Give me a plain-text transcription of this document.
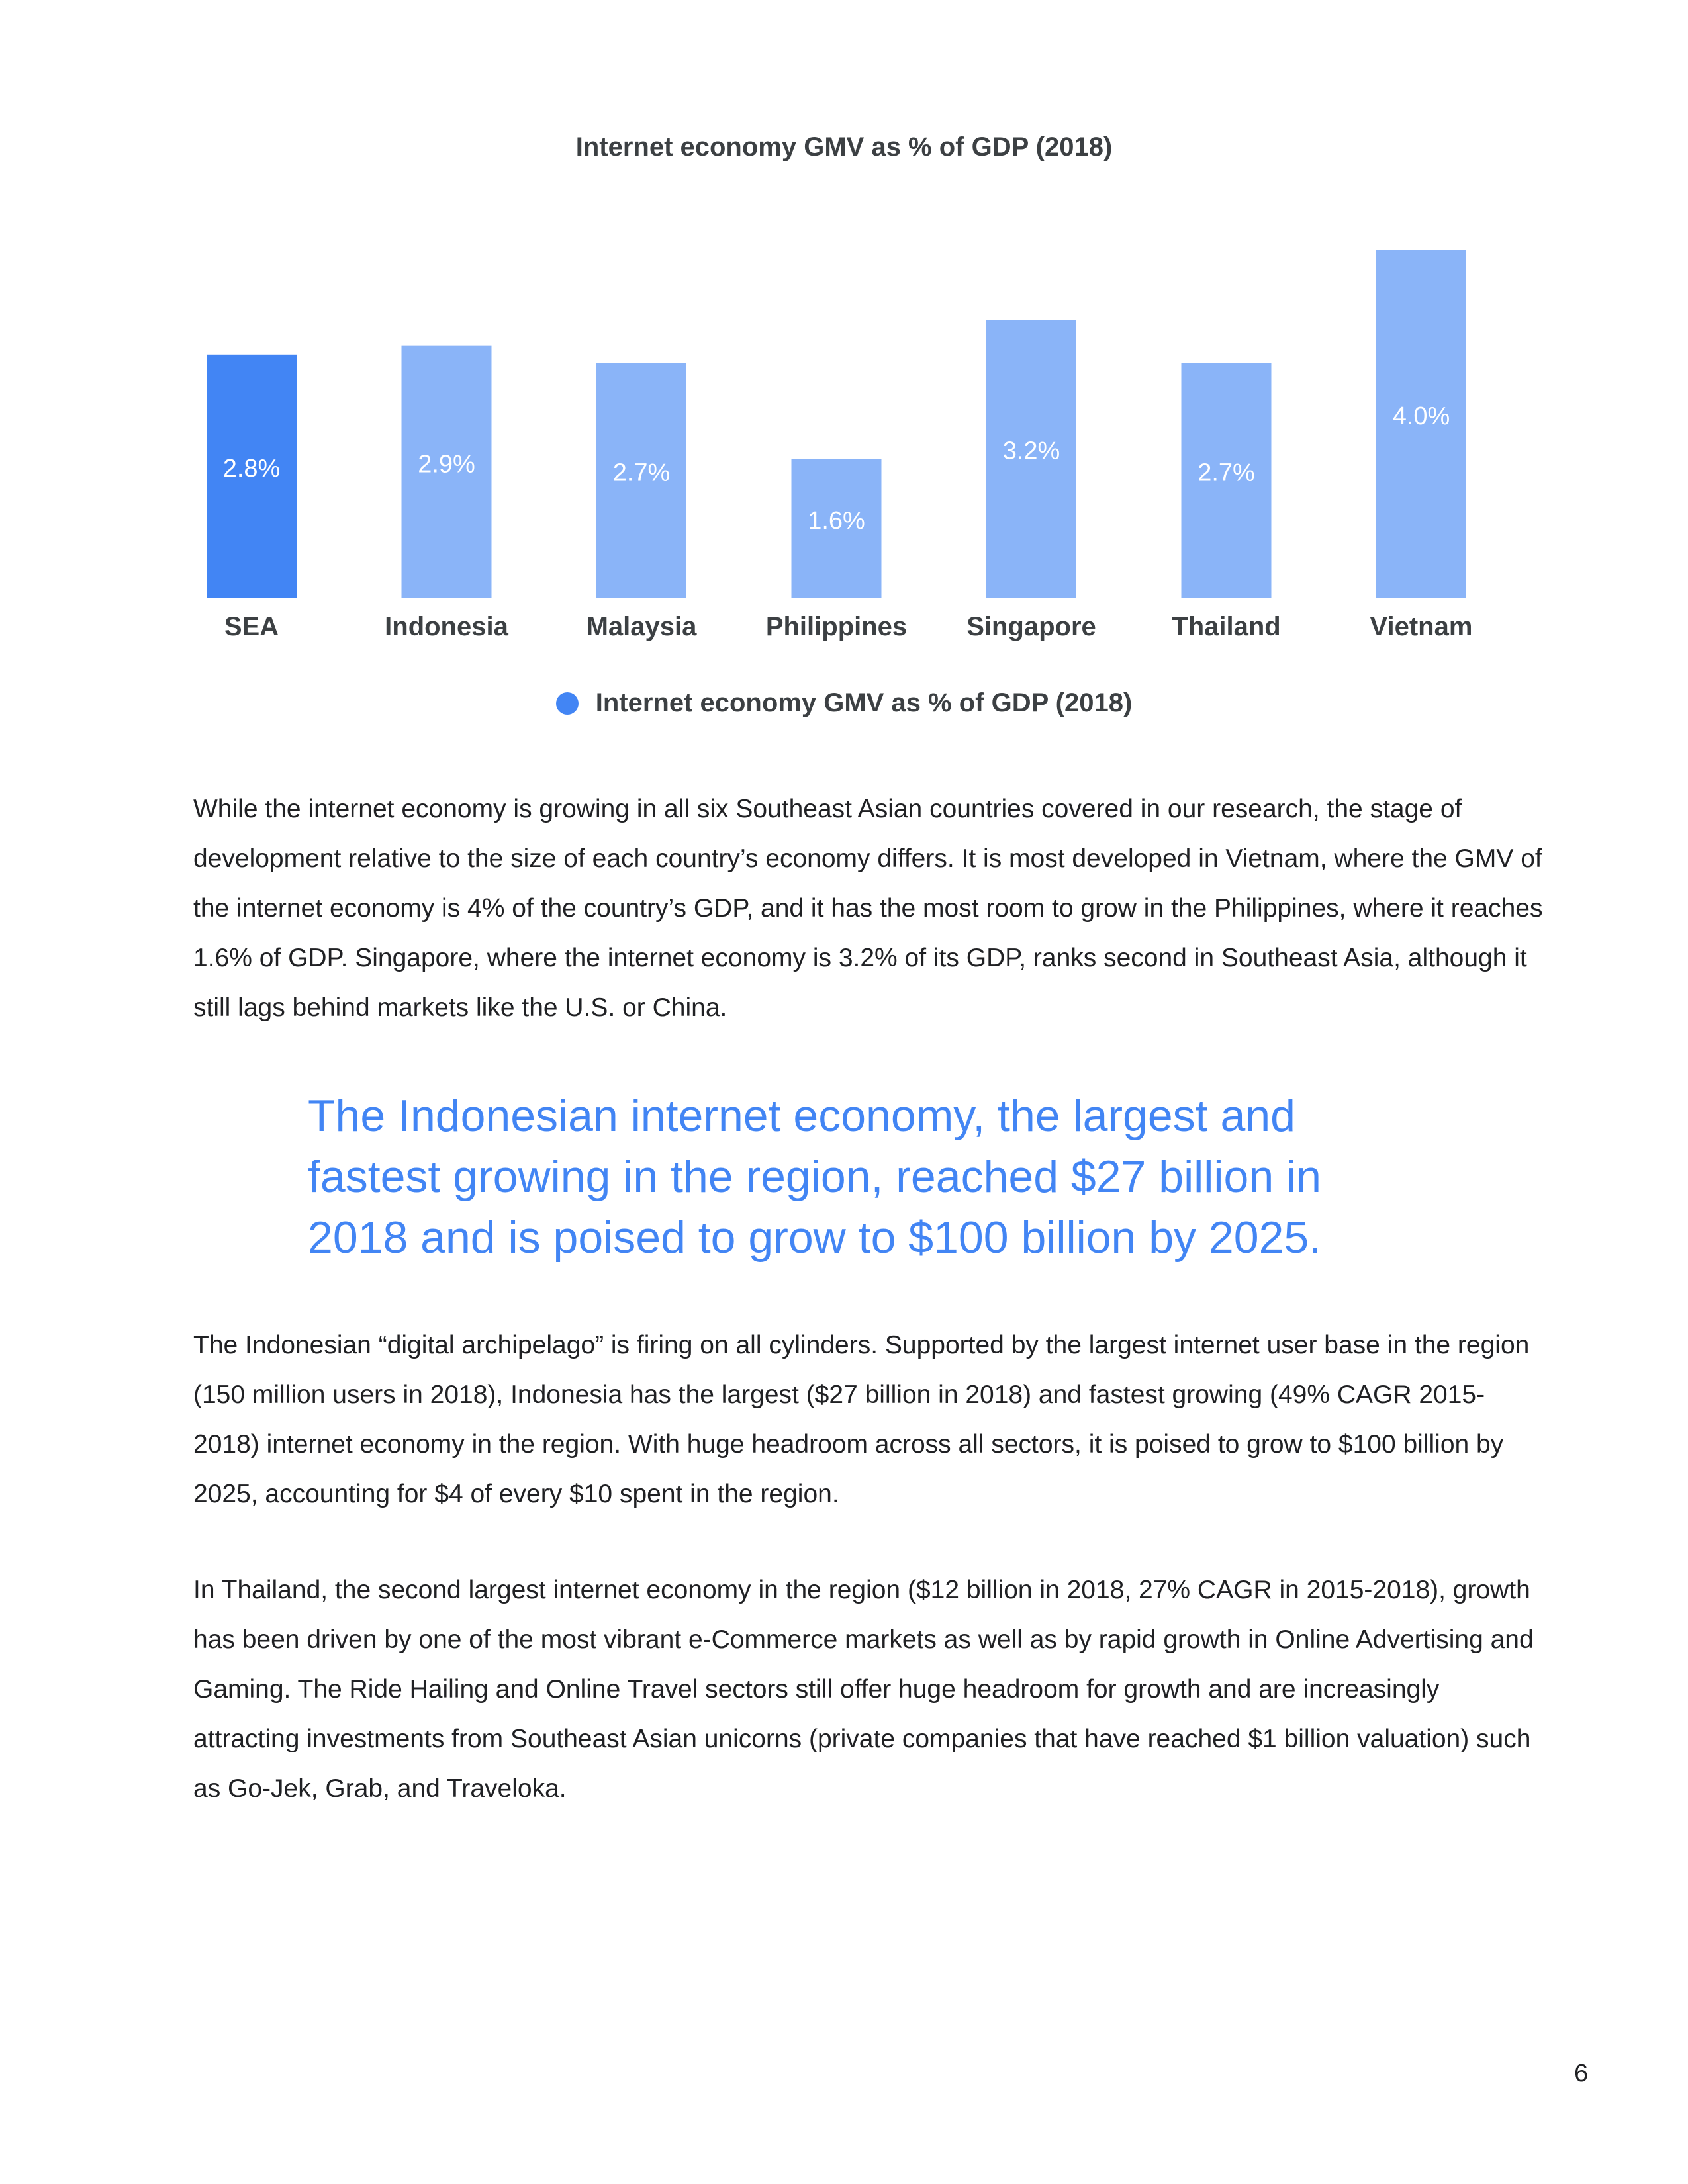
Internet economy GMV as % of GDP (2018)
2.8%
SEA
2.9%
Indonesia
2.7%
Malaysia
1.6%
Philippines
3.2%
Singapore
2.7%
Thailand
4.0%
Vietnam
Internet economy GMV as % of GDP (2018)

While the internet economy is growing in all six Southeast Asian countries covered in our research, the stage of development relative to the size of each country’s economy differs. It is most developed in Vietnam, where the GMV of the internet economy is 4% of the country’s GDP, and it has the most room to grow in the Philippines, where it reaches 1.6% of GDP. Singapore, where the internet economy is 3.2% of its GDP, ranks second in Southeast Asia, although it still lags behind markets like the U.S. or China.

The Indonesian internet economy, the largest and fastest growing in the region, reached $27 billion in 2018 and is poised to grow to $100 billion by 2025.

The Indonesian “digital archipelago” is firing on all cylinders. Supported by the largest internet user base in the region (150 million users in 2018), Indonesia has the largest ($27 billion in 2018) and fastest growing (49% CAGR 2015-2018) internet economy in the region. With huge headroom across all sectors, it is poised to grow to $100 billion by 2025, accounting for $4 of every $10 spent in the region.

In Thailand, the second largest internet economy in the region ($12 billion in 2018, 27% CAGR in 2015-2018), growth has been driven by one of the most vibrant e-Commerce markets as well as by rapid growth in Online Advertising and Gaming. The Ride Hailing and Online Travel sectors still offer huge headroom for growth and are increasingly attracting investments from Southeast Asian unicorns (private companies that have reached $1 billion valuation) such as Go-Jek, Grab, and Traveloka.

6
